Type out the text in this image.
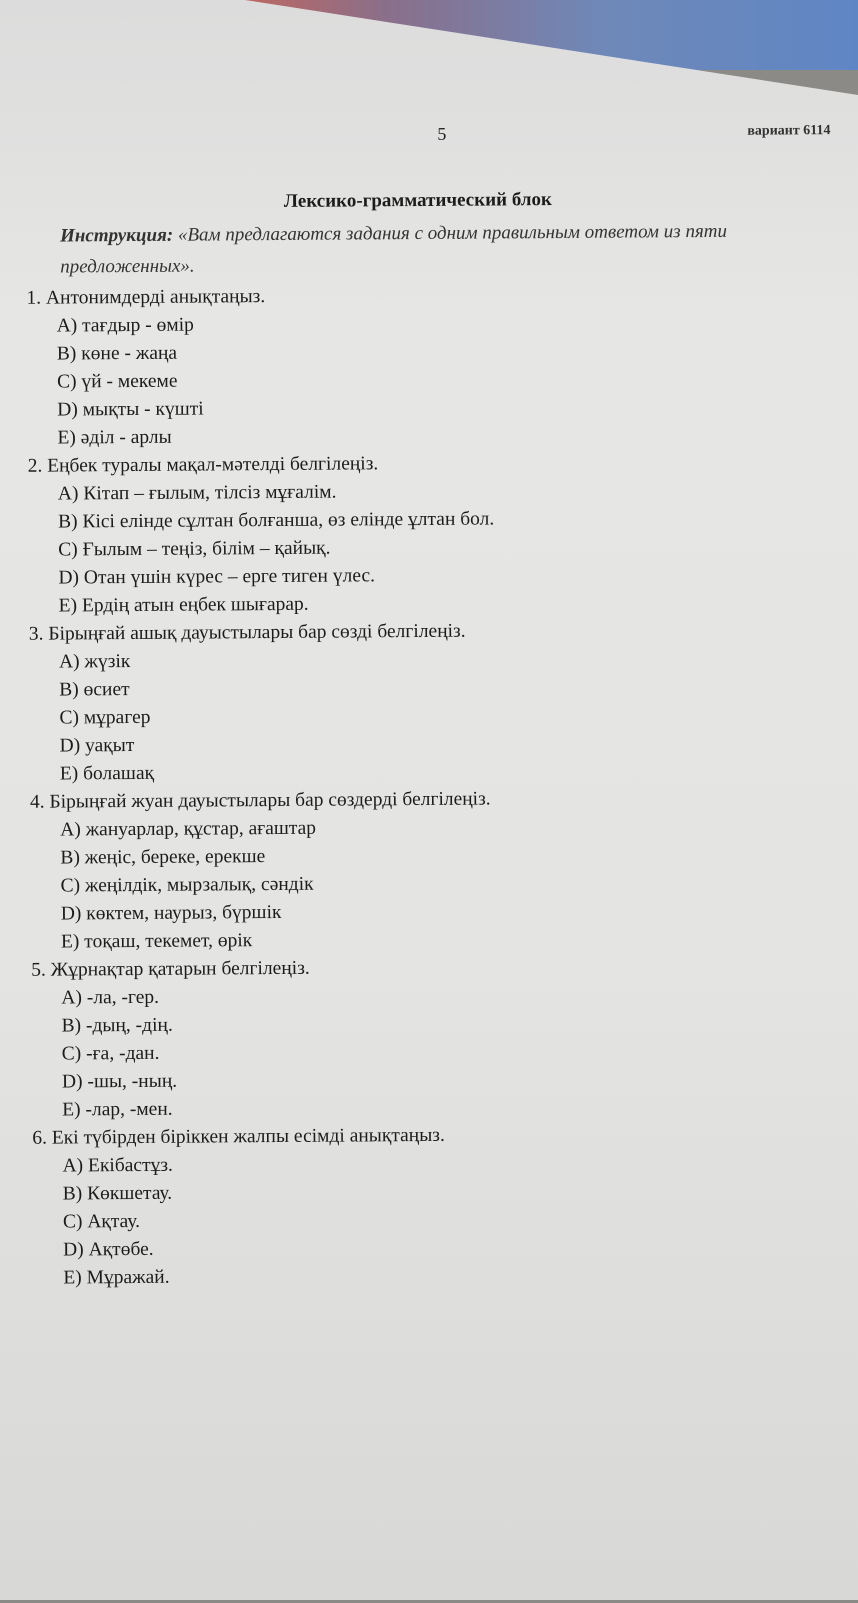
5	вариант 6114
Лексико-грамматический блок
Инструкция: «Вам предлагаются задания с одним правильным ответом из пяти предложенных».

1. Антонимдерді анықтаңыз.

A) тағдыр - өмір

B) көне - жаңа

C) үй - мекеме

D) мықты - күшті

E) әділ - арлы

2. Еңбек туралы мақал-мәтелді белгілеңіз.

A) Кітап – ғылым, тілсіз мұғалім.

B) Кісі елінде сұлтан болғанша, өз елінде ұлтан бол.

C) Ғылым – теңіз, білім – қайық.

D) Отан үшін күрес – ерге тиген үлес.

E) Ердің атын еңбек шығарар.

3. Бірыңғай ашық дауыстылары бар сөзді белгілеңіз.

A) жүзік

B) өсиет

C) мұрагер

D) уақыт

E) болашақ

4. Бірыңғай жуан дауыстылары бар сөздерді белгілеңіз.

A) жануарлар, құстар, ағаштар

B) жеңіс, береке, ерекше

C) жеңілдік, мырзалық, сәндік

D) көктем, наурыз, бүршік

E) тоқаш, текемет, өрік

5. Жұрнақтар қатарын белгілеңіз.

A) -ла, -гер.

B) -дың, -дің.

C) -ға, -дан.

D) -шы, -ның.

E) -лар, -мен.

6. Екі түбірден біріккен жалпы есімді анықтаңыз.

A) Екібастұз.

B) Көкшетау.

C) Ақтау.

D) Ақтөбе.

E) Мұражай.
